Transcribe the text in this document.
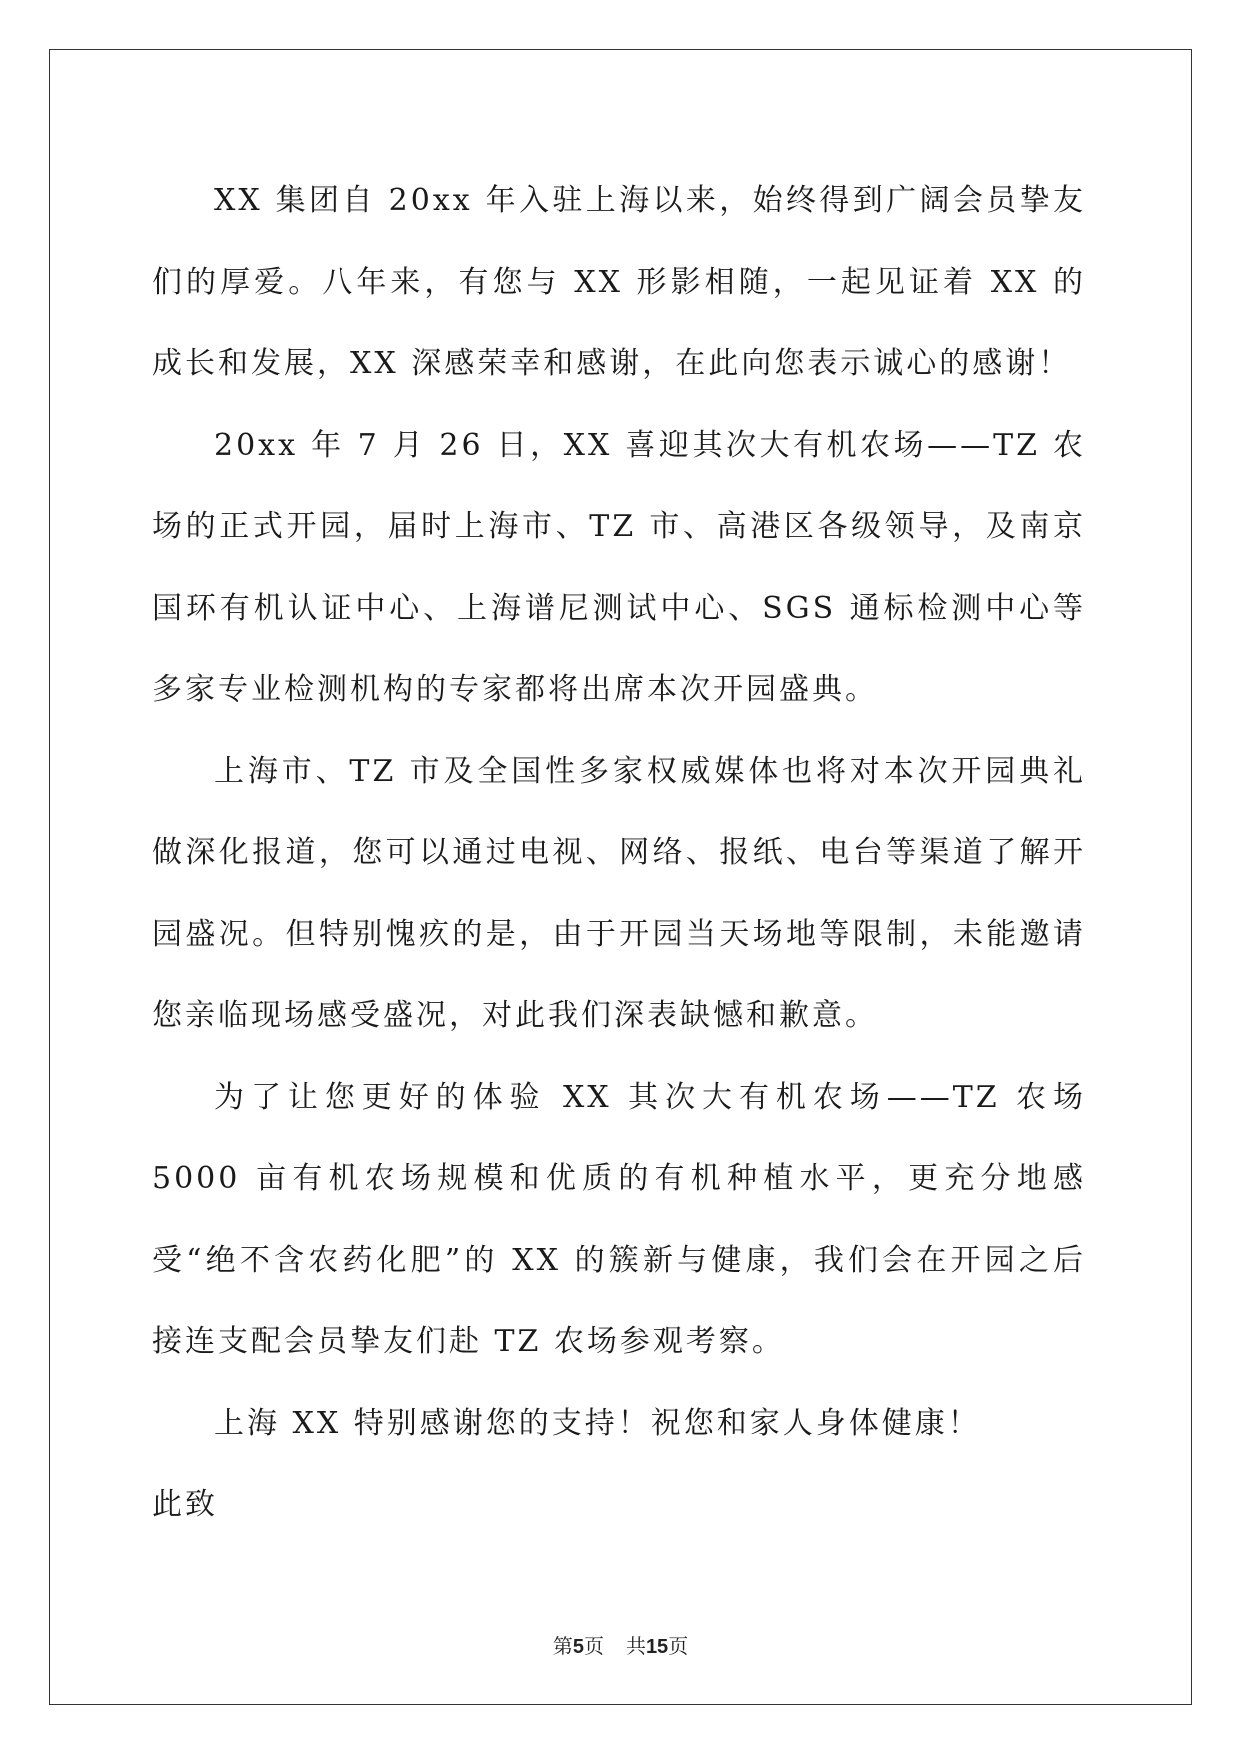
XX 集团自 20xx 年入驻上海以来，始终得到广阔会员挚友们的厚爱。八年来，有您与 XX 形影相随，一起见证着 XX 的成长和发展，XX 深感荣幸和感谢，在此向您表示诚心的感谢！

20xx 年 7 月 26 日，XX 喜迎其次大有机农场——TZ 农场的正式开园，届时上海市、TZ 市、高港区各级领导，及南京国环有机认证中心、上海谱尼测试中心、SGS 通标检测中心等多家专业检测机构的专家都将出席本次开园盛典。

上海市、TZ 市及全国性多家权威媒体也将对本次开园典礼做深化报道，您可以通过电视、网络、报纸、电台等渠道了解开园盛况。但特别愧疚的是，由于开园当天场地等限制，未能邀请您亲临现场感受盛况，对此我们深表缺憾和歉意。

为了让您更好的体验 XX 其次大有机农场——TZ 农场 5000 亩有机农场规模和优质的有机种植水平，更充分地感受“绝不含农药化肥”的 XX 的簇新与健康，我们会在开园之后接连支配会员挚友们赴 TZ 农场参观考察。

上海 XX 特别感谢您的支持！祝您和家人身体健康！

此致

第5页 共15页
